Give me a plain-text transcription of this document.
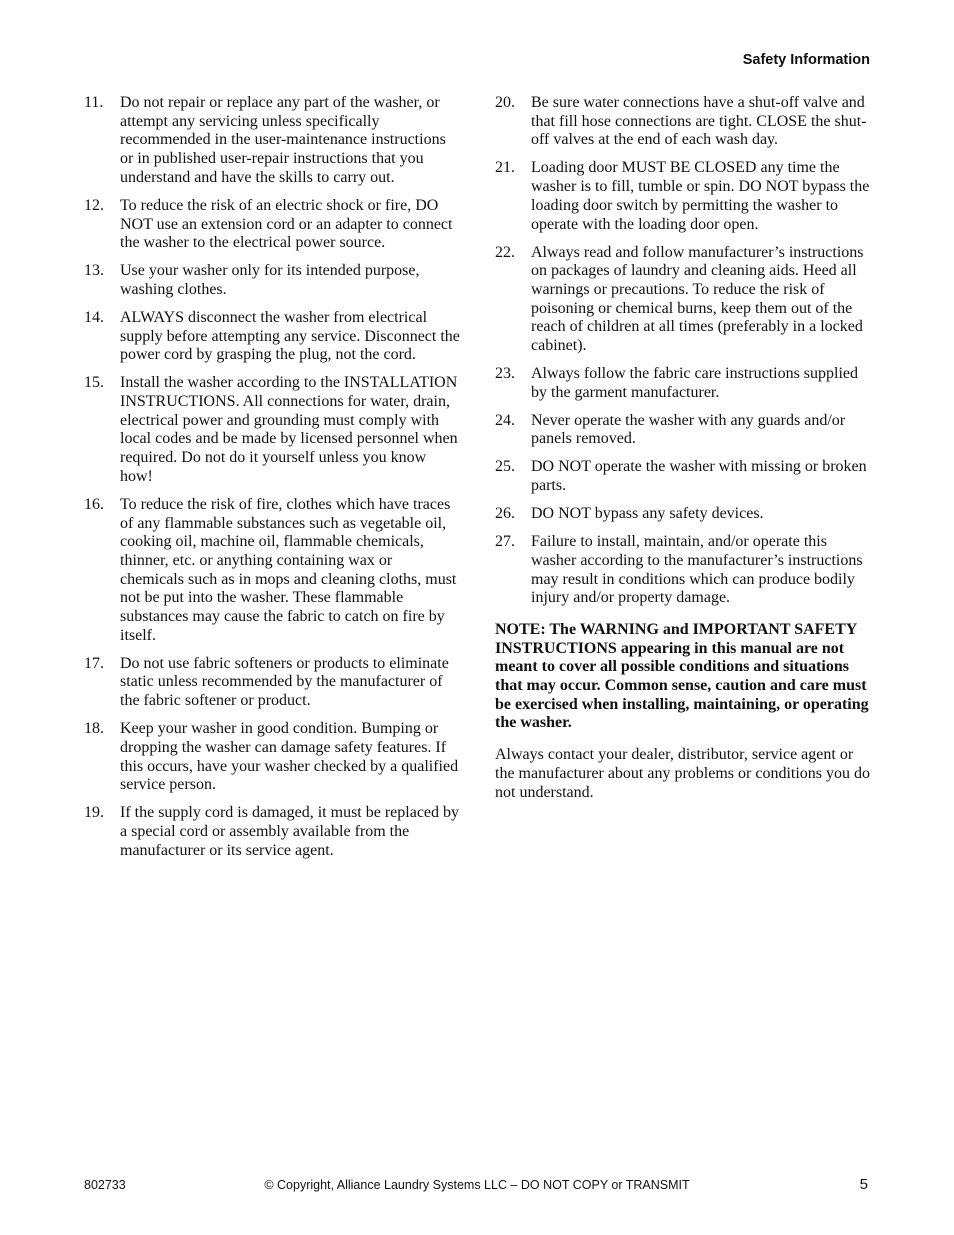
Safety Information
11.	Do not repair or replace any part of the washer, or attempt any servicing unless specifically recommended in the user-maintenance instructions or in published user-repair instructions that you understand and have the skills to carry out.
12.	To reduce the risk of an electric shock or fire, DO NOT use an extension cord or an adapter to connect the washer to the electrical power source.
13.	Use your washer only for its intended purpose, washing clothes.
14.	ALWAYS disconnect the washer from electrical supply before attempting any service. Disconnect the power cord by grasping the plug, not the cord.
15.	Install the washer according to the INSTALLATION INSTRUCTIONS. All connections for water, drain, electrical power and grounding must comply with local codes and be made by licensed personnel when required. Do not do it yourself unless you know how!
16.	To reduce the risk of fire, clothes which have traces of any flammable substances such as vegetable oil, cooking oil, machine oil, flammable chemicals, thinner, etc. or anything containing wax or chemicals such as in mops and cleaning cloths, must not be put into the washer. These flammable substances may cause the fabric to catch on fire by itself.
17.	Do not use fabric softeners or products to eliminate static unless recommended by the manufacturer of the fabric softener or product.
18.	Keep your washer in good condition. Bumping or dropping the washer can damage safety features. If this occurs, have your washer checked by a qualified service person.
19.	If the supply cord is damaged, it must be replaced by a special cord or assembly available from the manufacturer or its service agent.
20.	Be sure water connections have a shut-off valve and that fill hose connections are tight. CLOSE the shut-off valves at the end of each wash day.
21.	Loading door MUST BE CLOSED any time the washer is to fill, tumble or spin. DO NOT bypass the loading door switch by permitting the washer to operate with the loading door open.
22.	Always read and follow manufacturer’s instructions on packages of laundry and cleaning aids. Heed all warnings or precautions. To reduce the risk of poisoning or chemical burns, keep them out of the reach of children at all times (preferably in a locked cabinet).
23.	Always follow the fabric care instructions supplied by the garment manufacturer.
24.	Never operate the washer with any guards and/or panels removed.
25.	DO NOT operate the washer with missing or broken parts.
26.	DO NOT bypass any safety devices.
27.	Failure to install, maintain, and/or operate this washer according to the manufacturer’s instructions may result in conditions which can produce bodily injury and/or property damage.
NOTE: The WARNING and IMPORTANT SAFETY INSTRUCTIONS appearing in this manual are not meant to cover all possible conditions and situations that may occur. Common sense, caution and care must be exercised when installing, maintaining, or operating the washer.
Always contact your dealer, distributor, service agent or the manufacturer about any problems or conditions you do not understand.
802733	© Copyright, Alliance Laundry Systems LLC – DO NOT COPY or TRANSMIT	5
